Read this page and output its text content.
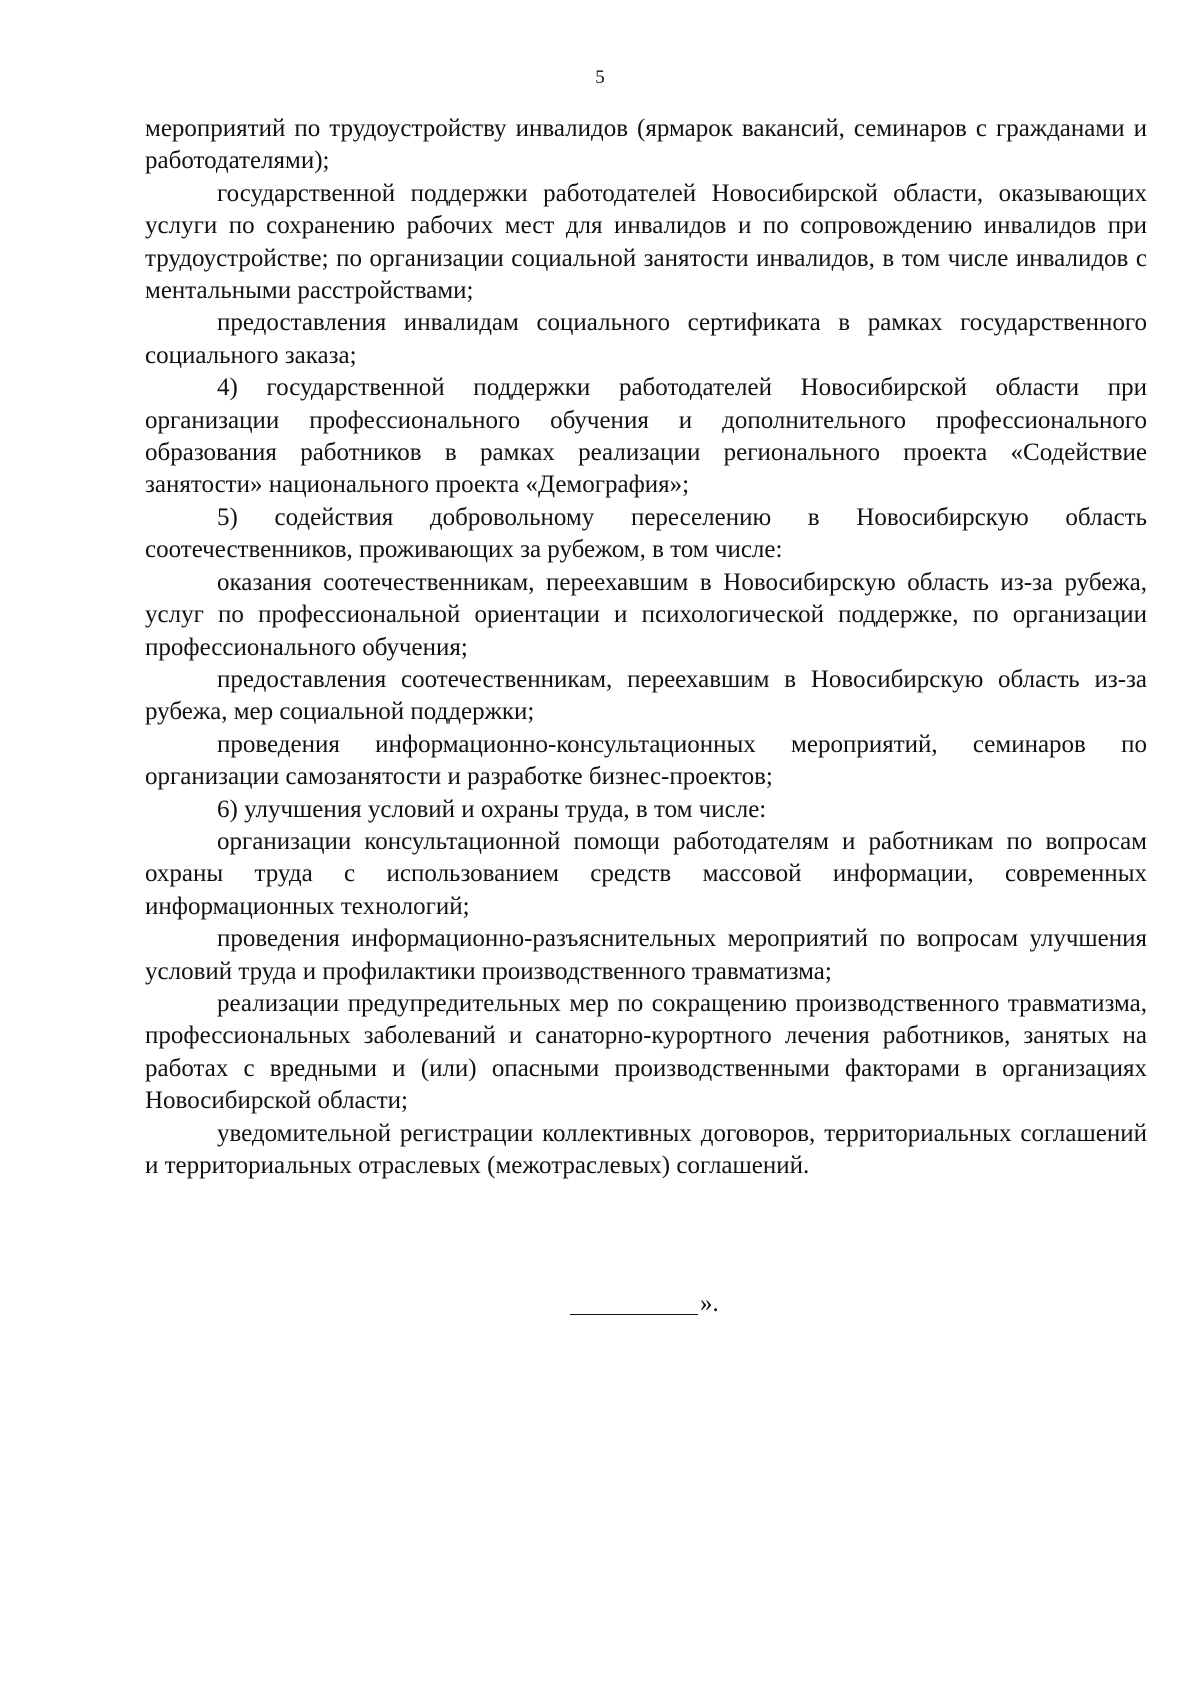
5

мероприятий по трудоустройству инвалидов (ярмарок вакансий, семинаров с гражданами и работодателями);

государственной поддержки работодателей Новосибирской области, оказывающих услуги по сохранению рабочих мест для инвалидов и по сопровождению инвалидов при трудоустройстве; по организации социальной занятости инвалидов, в том числе инвалидов с ментальными расстройствами;

предоставления инвалидам социального сертификата в рамках государственного социального заказа;

4) государственной поддержки работодателей Новосибирской области при организации профессионального обучения и дополнительного профессионального образования работников в рамках реализации регионального проекта «Содействие занятости» национального проекта «Демография»;

5) содействия добровольному переселению в Новосибирскую область соотечественников, проживающих за рубежом, в том числе:

оказания соотечественникам, переехавшим в Новосибирскую область из-за рубежа, услуг по профессиональной ориентации и психологической поддержке, по организации профессионального обучения;

предоставления соотечественникам, переехавшим в Новосибирскую область из-за рубежа, мер социальной поддержки;

проведения информационно-консультационных мероприятий, семинаров по организации самозанятости и разработке бизнес-проектов;

6) улучшения условий и охраны труда, в том числе:

организации консультационной помощи работодателям и работникам по вопросам охраны труда с использованием средств массовой информации, современных информационных технологий;

проведения информационно-разъяснительных мероприятий по вопросам улучшения условий труда и профилактики производственного травматизма;

реализации предупредительных мер по сокращению производственного травматизма, профессиональных заболеваний и санаторно-курортного лечения работников, занятых на работах с вредными и (или) опасными производственными факторами в организациях Новосибирской области;

уведомительной регистрации коллективных договоров, территориальных соглашений и территориальных отраслевых (межотраслевых) соглашений.

».
